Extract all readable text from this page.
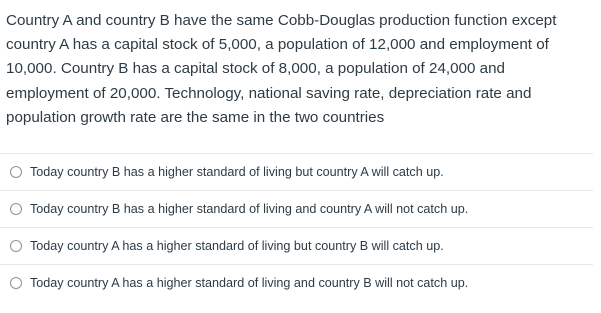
Country A and country B have the same Cobb-Douglas production function except country A has a capital stock of 5,000, a population of 12,000 and employment of 10,000. Country B has a capital stock of 8,000, a population of 24,000 and employment of 20,000. Technology, national saving rate, depreciation rate and population growth rate are the same in the two countries
Today country B has a higher standard of living but country A will catch up.
Today country B has a higher standard of living and country A will not catch up.
Today country A has a higher standard of living but country B will catch up.
Today country A has a higher standard of living and country B will not catch up.
